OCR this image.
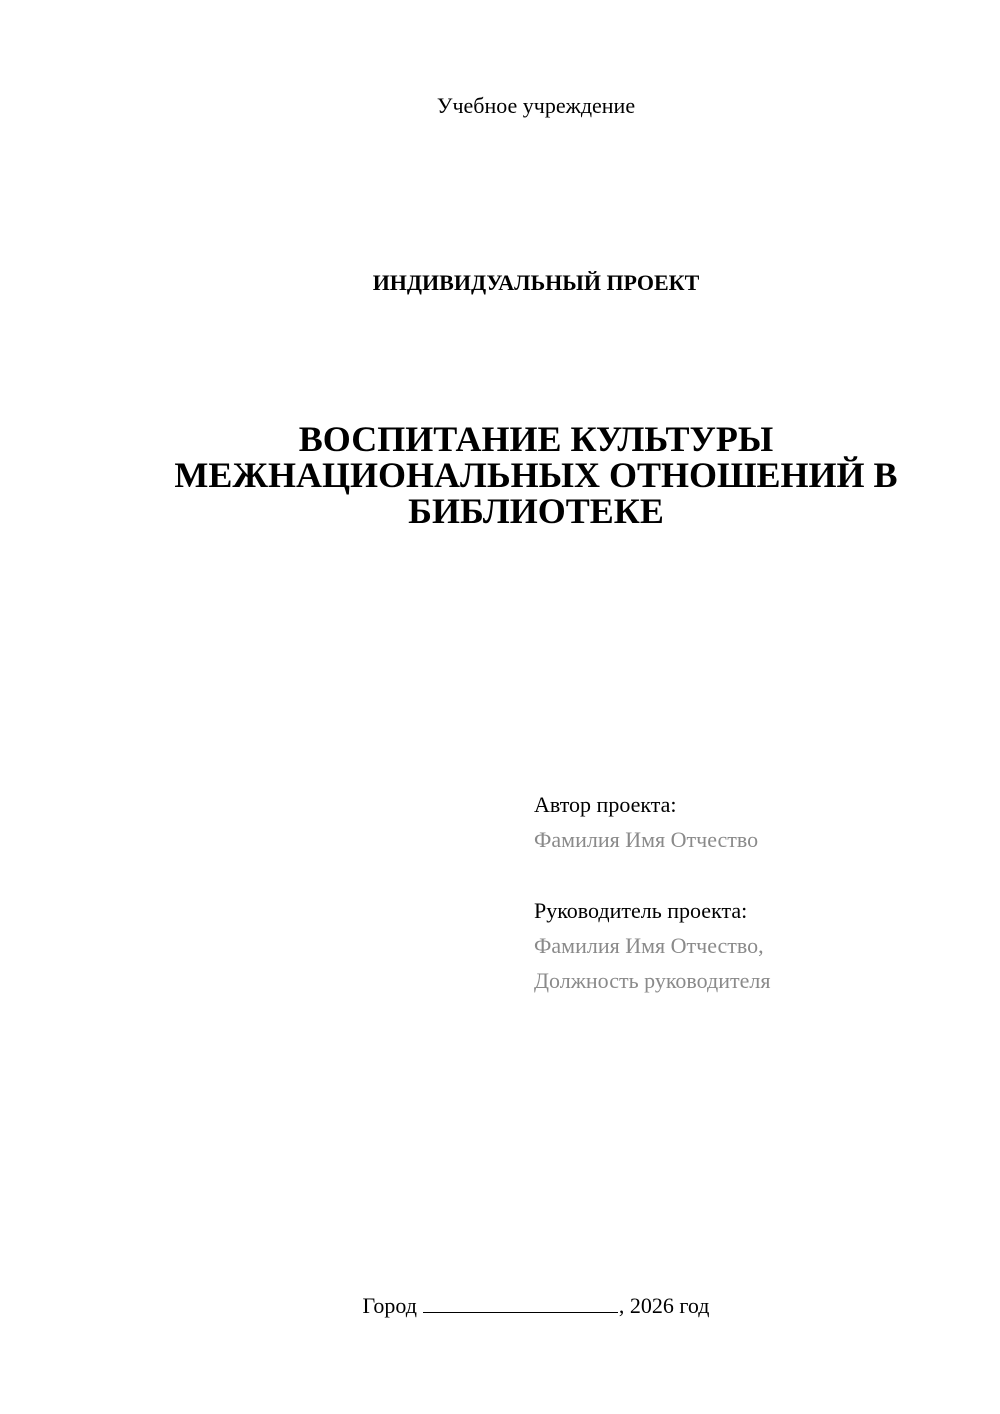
Учебное учреждение
ИНДИВИДУАЛЬНЫЙ ПРОЕКТ
ВОСПИТАНИЕ КУЛЬТУРЫ
МЕЖНАЦИОНАЛЬНЫХ ОТНОШЕНИЙ В
БИБЛИОТЕКЕ
Автор проекта:
Фамилия Имя Отчество
Руководитель проекта:
Фамилия Имя Отчество,
Должность руководителя
Город	, 2026 год
